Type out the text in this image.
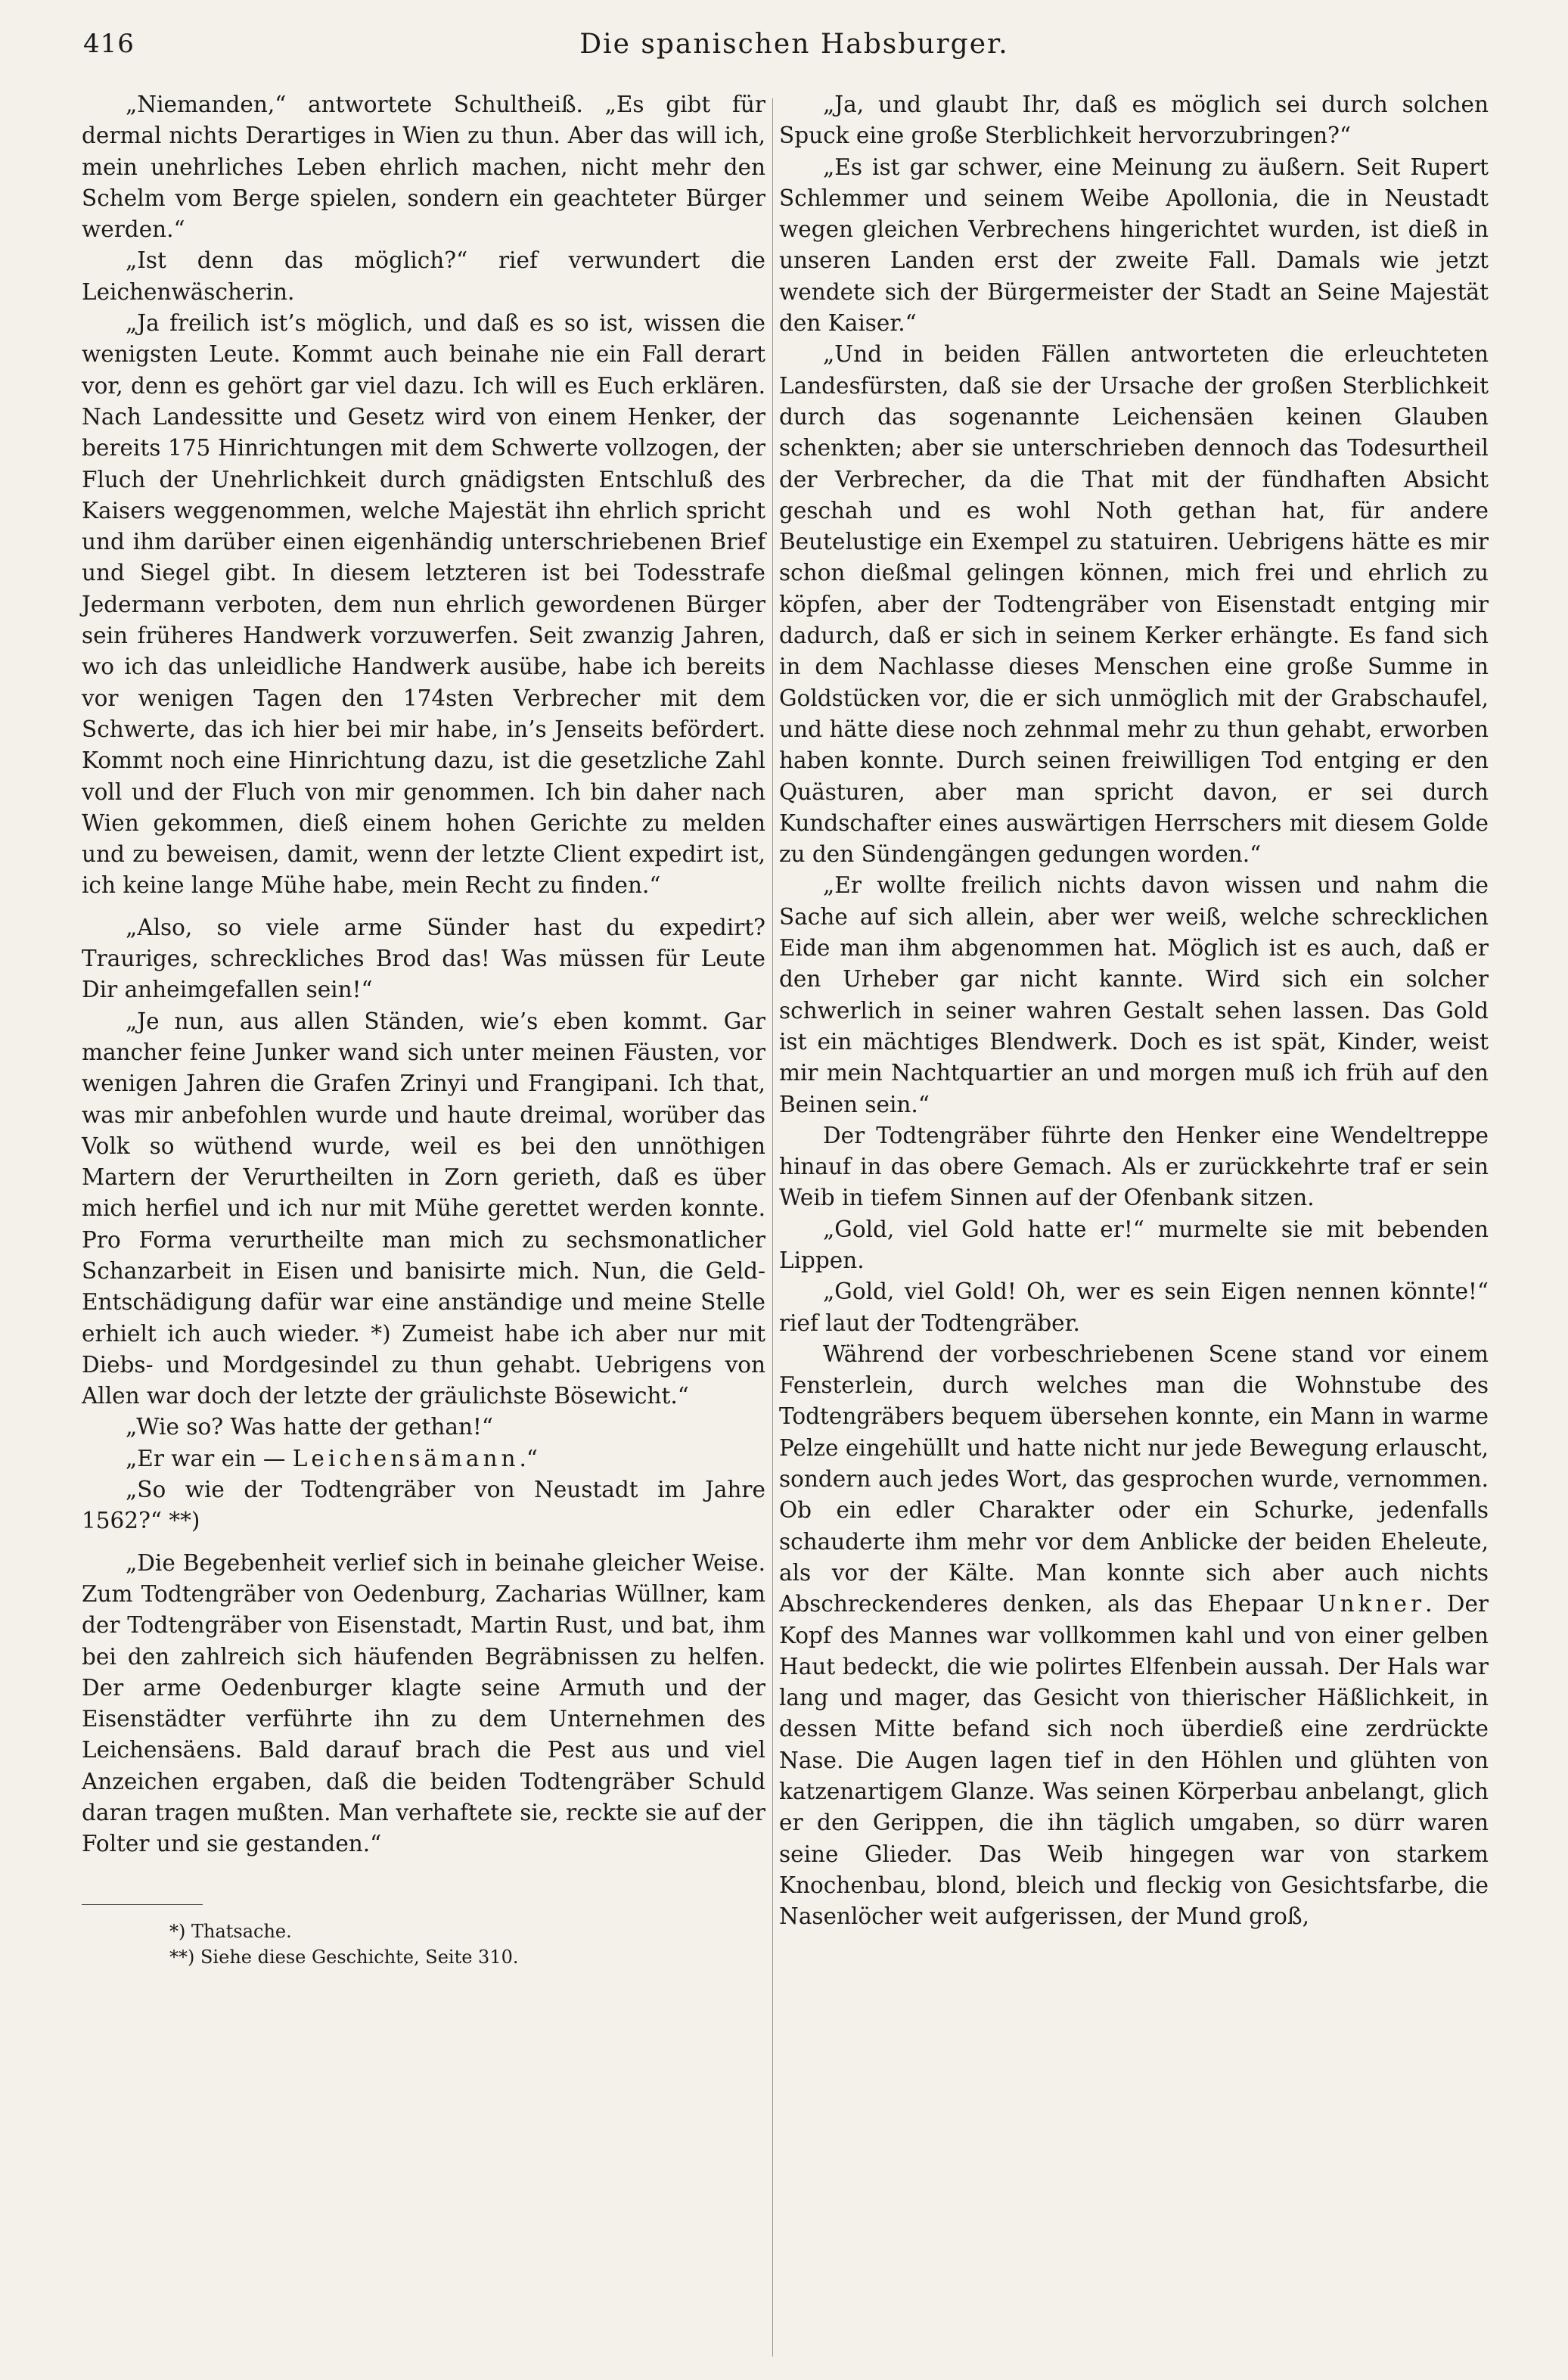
416	Die spanischen Habsburger.

„Niemanden,“ antwortete Schultheiß. „Es gibt für dermal nichts Derartiges in Wien zu thun. Aber das will ich, mein unehrliches Leben ehrlich machen, nicht mehr den Schelm vom Berge spielen, sondern ein geachteter Bürger werden.“

„Ist denn das möglich?“ rief verwundert die Leichenwäscherin.

„Ja freilich ist’s möglich, und daß es so ist, wissen die wenigsten Leute. Kommt auch beinahe nie ein Fall derart vor, denn es gehört gar viel dazu. Ich will es Euch erklären. Nach Landessitte und Gesetz wird von einem Henker, der bereits 175 Hinrichtungen mit dem Schwerte vollzogen, der Fluch der Unehrlichkeit durch gnädigsten Entschluß des Kaisers weggenommen, welche Majestät ihn ehrlich spricht und ihm darüber einen eigenhändig unterschriebenen Brief und Siegel gibt. In diesem letzteren ist bei Todesstrafe Jedermann verboten, dem nun ehrlich gewordenen Bürger sein früheres Handwerk vorzuwerfen. Seit zwanzig Jahren, wo ich das unleidliche Handwerk ausübe, habe ich bereits vor wenigen Tagen den 174sten Verbrecher mit dem Schwerte, das ich hier bei mir habe, in’s Jenseits befördert. Kommt noch eine Hinrichtung dazu, ist die gesetzliche Zahl voll und der Fluch von mir genommen. Ich bin daher nach Wien gekommen, dieß einem hohen Gerichte zu melden und zu beweisen, damit, wenn der letzte Client expedirt ist, ich keine lange Mühe habe, mein Recht zu finden.“

„Also, so viele arme Sünder hast du expedirt? Trauriges, schreckliches Brod das! Was müssen für Leute Dir anheimgefallen sein!“

„Je nun, aus allen Ständen, wie’s eben kommt. Gar mancher feine Junker wand sich unter meinen Fäusten, vor wenigen Jahren die Grafen Zrinyi und Frangipani. Ich that, was mir anbefohlen wurde und haute dreimal, worüber das Volk so wüthend wurde, weil es bei den unnöthigen Martern der Verurtheilten in Zorn gerieth, daß es über mich herfiel und ich nur mit Mühe gerettet werden konnte. Pro Forma verurtheilte man mich zu sechsmonatlicher Schanzarbeit in Eisen und banisirte mich. Nun, die Geld-Entschädigung dafür war eine anständige und meine Stelle erhielt ich auch wieder. *) Zumeist habe ich aber nur mit Diebs- und Mordgesindel zu thun gehabt. Uebrigens von Allen war doch der letzte der gräulichste Bösewicht.“

„Wie so? Was hatte der gethan!“

„Er war ein — Leichensämann.“

„So wie der Todtengräber von Neustadt im Jahre 1562?“ **)

„Die Begebenheit verlief sich in beinahe gleicher Weise. Zum Todtengräber von Oedenburg, Zacharias Wüllner, kam der Todtengräber von Eisenstadt, Martin Rust, und bat, ihm bei den zahlreich sich häufenden Begräbnissen zu helfen. Der arme Oedenburger klagte seine Armuth und der Eisenstädter verführte ihn zu dem Unternehmen des Leichensäens. Bald darauf brach die Pest aus und viel Anzeichen ergaben, daß die beiden Todtengräber Schuld daran tragen mußten. Man verhaftete sie, reckte sie auf der Folter und sie gestanden.“

*) Thatsache.

**) Siehe diese Geschichte, Seite 310.

„Ja, und glaubt Ihr, daß es möglich sei durch solchen Spuck eine große Sterblichkeit hervorzubringen?“

„Es ist gar schwer, eine Meinung zu äußern. Seit Rupert Schlemmer und seinem Weibe Apollonia, die in Neustadt wegen gleichen Verbrechens hingerichtet wurden, ist dieß in unseren Landen erst der zweite Fall. Damals wie jetzt wendete sich der Bürgermeister der Stadt an Seine Majestät den Kaiser.“

„Und in beiden Fällen antworteten die erleuchteten Landesfürsten, daß sie der Ursache der großen Sterblichkeit durch das sogenannte Leichensäen keinen Glauben schenkten; aber sie unterschrieben dennoch das Todesurtheil der Verbrecher, da die That mit der fündhaften Absicht geschah und es wohl Noth gethan hat, für andere Beutelustige ein Exempel zu statuiren. Uebrigens hätte es mir schon dießmal gelingen können, mich frei und ehrlich zu köpfen, aber der Todtengräber von Eisenstadt entging mir dadurch, daß er sich in seinem Kerker erhängte. Es fand sich in dem Nachlasse dieses Menschen eine große Summe in Goldstücken vor, die er sich unmöglich mit der Grabschaufel, und hätte diese noch zehnmal mehr zu thun gehabt, erworben haben konnte. Durch seinen freiwilligen Tod entging er den Quästuren, aber man spricht davon, er sei durch Kundschafter eines auswärtigen Herrschers mit diesem Golde zu den Sündengängen gedungen worden.“

„Er wollte freilich nichts davon wissen und nahm die Sache auf sich allein, aber wer weiß, welche schrecklichen Eide man ihm abgenommen hat. Möglich ist es auch, daß er den Urheber gar nicht kannte. Wird sich ein solcher schwerlich in seiner wahren Gestalt sehen lassen. Das Gold ist ein mächtiges Blendwerk. Doch es ist spät, Kinder, weist mir mein Nachtquartier an und morgen muß ich früh auf den Beinen sein.“

Der Todtengräber führte den Henker eine Wendeltreppe hinauf in das obere Gemach. Als er zurückkehrte traf er sein Weib in tiefem Sinnen auf der Ofenbank sitzen.

„Gold, viel Gold hatte er!“ murmelte sie mit bebenden Lippen.

„Gold, viel Gold! Oh, wer es sein Eigen nennen könnte!“ rief laut der Todtengräber.

Während der vorbeschriebenen Scene stand vor einem Fensterlein, durch welches man die Wohnstube des Todtengräbers bequem übersehen konnte, ein Mann in warme Pelze eingehüllt und hatte nicht nur jede Bewegung erlauscht, sondern auch jedes Wort, das gesprochen wurde, vernommen. Ob ein edler Charakter oder ein Schurke, jedenfalls schauderte ihm mehr vor dem Anblicke der beiden Eheleute, als vor der Kälte. Man konnte sich aber auch nichts Abschreckenderes denken, als das Ehepaar Unkner. Der Kopf des Mannes war vollkommen kahl und von einer gelben Haut bedeckt, die wie polirtes Elfenbein aussah. Der Hals war lang und mager, das Gesicht von thierischer Häßlichkeit, in dessen Mitte befand sich noch überdieß eine zerdrückte Nase. Die Augen lagen tief in den Höhlen und glühten von katzenartigem Glanze. Was seinen Körperbau anbelangt, glich er den Gerippen, die ihn täglich umgaben, so dürr waren seine Glieder. Das Weib hingegen war von starkem Knochenbau, blond, bleich und fleckig von Gesichtsfarbe, die Nasenlöcher weit aufgerissen, der Mund groß,
